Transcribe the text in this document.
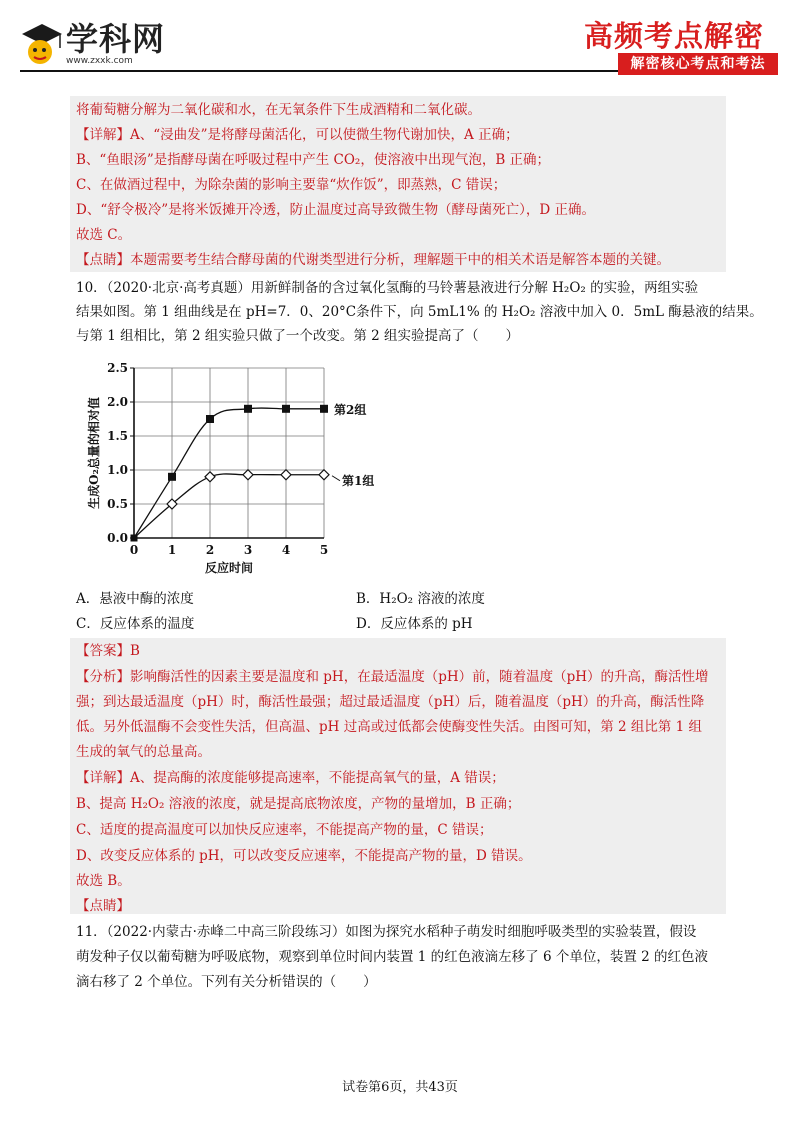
学科网
www.zxxk.com
高频考点解密
解密核心考点和考法
将葡萄糖分解为二氧化碳和水，在无氧条件下生成酒精和二氧化碳。
【详解】A、“浸曲发”是将酵母菌活化，可以使微生物代谢加快，A 正确；
B、“鱼眼汤”是指酵母菌在呼吸过程中产生 CO₂，使溶液中出现气泡，B 正确；
C、在做酒过程中，为除杂菌的影响主要靠“炊作饭”，即蒸熟，C 错误；
D、“舒令极冷”是将米饭摊开冷透，防止温度过高导致微生物（酵母菌死亡），D 正确。
故选 C。
【点睛】本题需要考生结合酵母菌的代谢类型进行分析，理解题干中的相关术语是解答本题的关键。
10．（2020·北京·高考真题）用新鲜制备的含过氧化氢酶的马铃薯悬液进行分解 H₂O₂ 的实验，两组实验
结果如图。第 1 组曲线是在 pH=7．0、20°C条件下，向 5mL1% 的 H₂O₂ 溶液中加入 0．5mL 酶悬液的结果。
与第 1 组相比，第 2 组实验只做了一个改变。第 2 组实验提高了（　　）
0.0
0.5
1.0
1.5
2.0
2.5
0 1 2 3 4 5
反应时间
生成O₂总量的相对值	第2组
第1组
A．悬液中酶的浓度	B．H₂O₂ 溶液的浓度
C．反应体系的温度	D．反应体系的 pH
【答案】B
【分析】影响酶活性的因素主要是温度和 pH，在最适温度（pH）前，随着温度（pH）的升高，酶活性增
强；到达最适温度（pH）时，酶活性最强；超过最适温度（pH）后，随着温度（pH）的升高，酶活性降
低。另外低温酶不会变性失活，但高温、pH 过高或过低都会使酶变性失活。由图可知，第 2 组比第 1 组
生成的氧气的总量高。
【详解】A、提高酶的浓度能够提高速率，不能提高氧气的量，A 错误；
B、提高 H₂O₂ 溶液的浓度，就是提高底物浓度，产物的量增加，B 正确；
C、适度的提高温度可以加快反应速率，不能提高产物的量，C 错误；
D、改变反应体系的 pH，可以改变反应速率，不能提高产物的量，D 错误。
故选 B。
【点睛】
11．（2022·内蒙古·赤峰二中高三阶段练习）如图为探究水稻种子萌发时细胞呼吸类型的实验装置，假设
萌发种子仅以葡萄糖为呼吸底物，观察到单位时间内装置 1 的红色液滴左移了 6 个单位，装置 2 的红色液
滴右移了 2 个单位。下列有关分析错误的（　　）
试卷第6页，共43页
